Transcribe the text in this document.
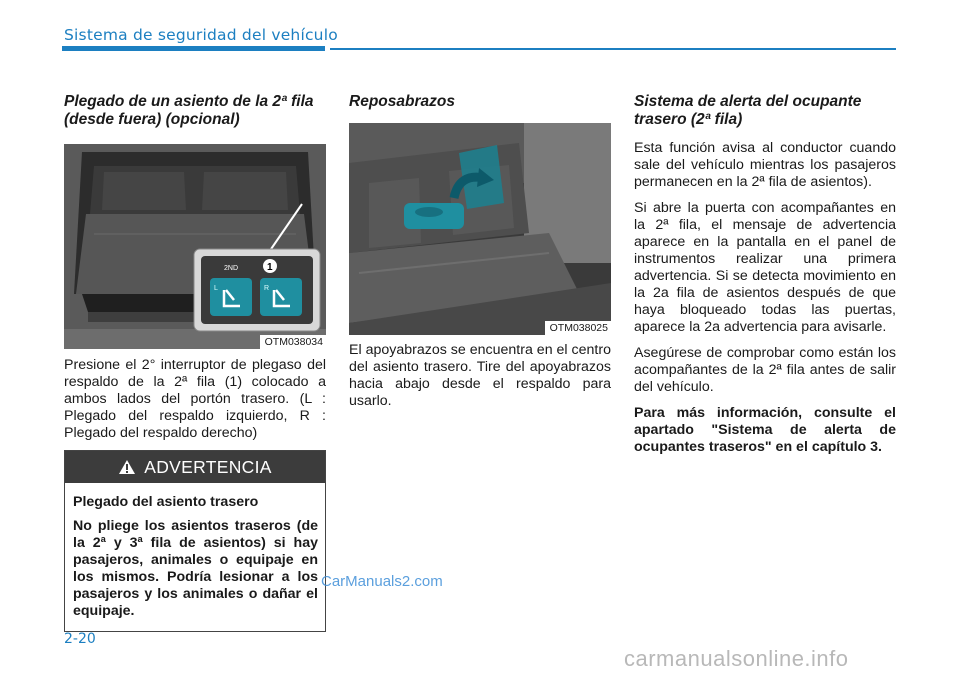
Sistema de seguridad del vehículo
Plegado de un asiento de la 2ª fila (desde fuera) (opcional)
2ND	1
L	R
OTM038034

Presione el 2° interruptor de plegaso del respaldo de la 2ª fila (1) colocado a ambos lados del portón trasero. (L : Plegado del respaldo izquierdo, R : Plegado del respaldo derecho)

ADVERTENCIA

Plegado del asiento trasero

No pliege los asientos traseros (de la 2ª y 3ª fila de asientos) si hay pasajeros, animales o equipaje en los mismos. Podría lesionar a los pasajeros y los animales o dañar el equipaje.

Reposabrazos
OTM038025

El apoyabrazos se encuentra en el centro del asiento trasero. Tire del apoyabrazos hacia abajo desde el respaldo para usarlo.

Sistema de alerta del ocupante trasero (2ª fila)

Esta función avisa al conductor cuando sale del vehículo mientras los pasajeros permanecen en la 2ª fila de asientos).

Si abre la puerta con acompañantes en la 2ª fila, el mensaje de advertencia aparece en la pantalla en el panel de instrumentos realizar una primera advertencia. Si se detecta movimiento en la 2a fila de asientos después de que haya bloqueado todas las puertas, aparece la 2a advertencia para avisarle.

Asegúrese de comprobar como están los acompañantes de la 2ª fila antes de salir del vehículo.

Para más información, consulte el apartado "Sistema de alerta de ocupantes traseros" en el capítulo 3.

2-20
CarManuals2.com
carmanualsonline.info
